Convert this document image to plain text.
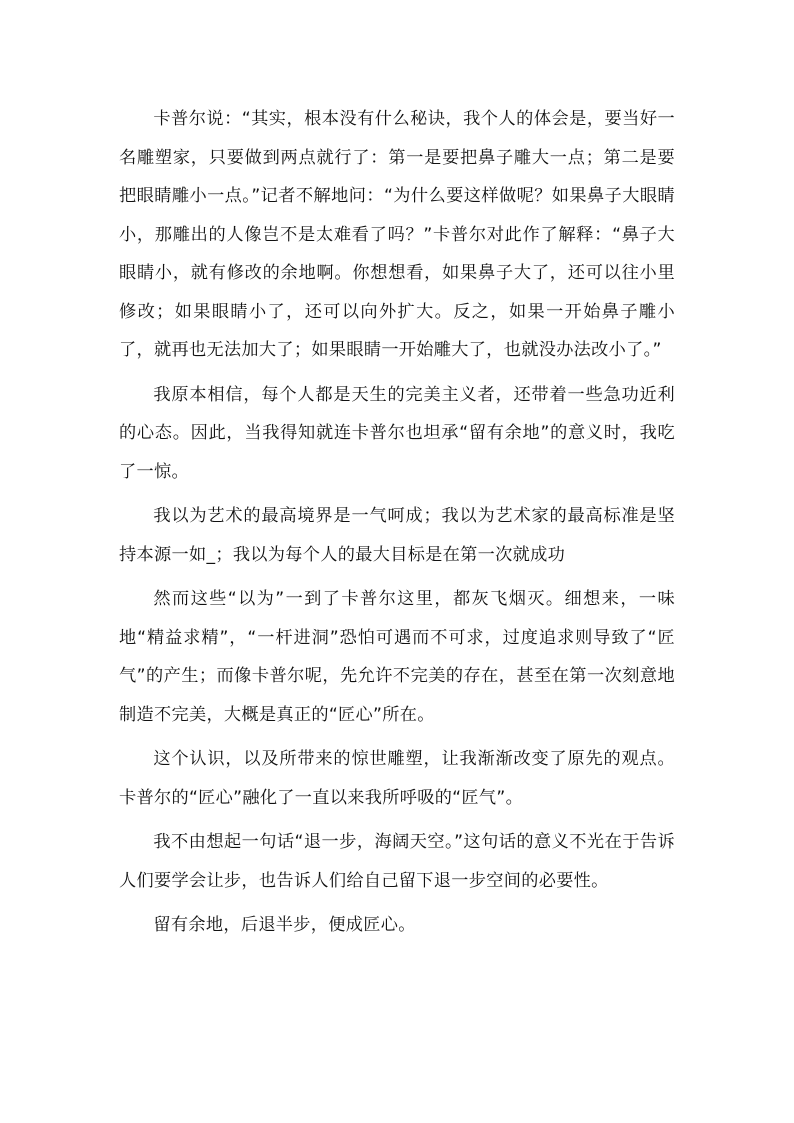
卡普尔说：“其实，根本没有什么秘诀，我个人的体会是，要当好一名雕塑家，只要做到两点就行了：第一是要把鼻子雕大一点；第二是要把眼睛雕小一点。”记者不解地问：“为什么要这样做呢？如果鼻子大眼睛小，那雕出的人像岂不是太难看了吗？”卡普尔对此作了解释：“鼻子大眼睛小，就有修改的余地啊。你想想看，如果鼻子大了，还可以往小里修改；如果眼睛小了，还可以向外扩大。反之，如果一开始鼻子雕小了，就再也无法加大了；如果眼睛一开始雕大了，也就没办法改小了。”

我原本相信，每个人都是天生的完美主义者，还带着一些急功近利的心态。因此，当我得知就连卡普尔也坦承“留有余地”的意义时，我吃了一惊。

我以为艺术的最高境界是一气呵成；我以为艺术家的最高标准是坚持本源一如_；我以为每个人的最大目标是在第一次就成功

然而这些“以为”一到了卡普尔这里，都灰飞烟灭。细想来，一味地“精益求精”，“一杆进洞”恐怕可遇而不可求，过度追求则导致了“匠气”的产生；而像卡普尔呢，先允许不完美的存在，甚至在第一次刻意地制造不完美，大概是真正的“匠心”所在。

这个认识，以及所带来的惊世雕塑，让我渐渐改变了原先的观点。卡普尔的“匠心”融化了一直以来我所呼吸的“匠气”。

我不由想起一句话“退一步，海阔天空。”这句话的意义不光在于告诉人们要学会让步，也告诉人们给自己留下退一步空间的必要性。

留有余地，后退半步，便成匠心。
